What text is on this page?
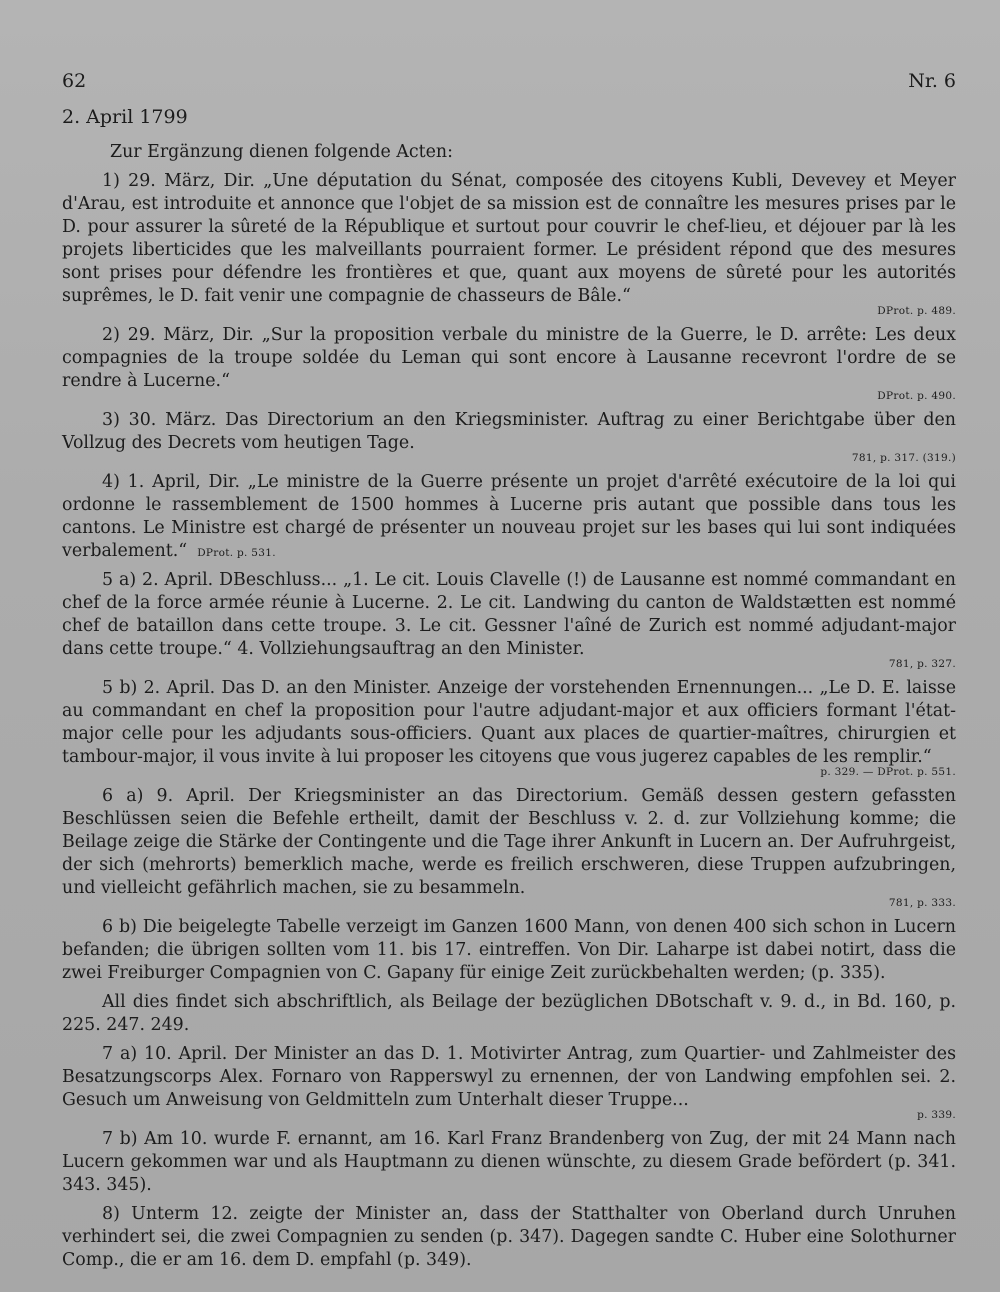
62	Nr. 6
2. April 1799

Zur Ergänzung dienen folgende Acten:

1) 29. März, Dir. „Une députation du Sénat, composée des citoyens Kubli, Devevey et Meyer d'Arau, est introduite et annonce que l'objet de sa mission est de connaître les mesures prises par le D. pour assurer la sûreté de la République et surtout pour couvrir le chef-lieu, et déjouer par là les projets liberticides que les malveillants pourraient former. Le président répond que des mesures sont prises pour défendre les frontières et que, quant aux moyens de sûreté pour les autorités suprêmes, le D. fait venir une compagnie de chasseurs de Bâle.“
DProt. p. 489.

2) 29. März, Dir. „Sur la proposition verbale du ministre de la Guerre, le D. arrête: Les deux compagnies de la troupe soldée du Leman qui sont encore à Lausanne recevront l'ordre de se rendre à Lucerne.“
DProt. p. 490.

3) 30. März. Das Directorium an den Kriegsminister. Auftrag zu einer Berichtgabe über den Vollzug des Decrets vom heutigen Tage.
781, p. 317. (319.)

4) 1. April, Dir. „Le ministre de la Guerre présente un projet d'arrêté exécutoire de la loi qui ordonne le rassemblement de 1500 hommes à Lucerne pris autant que possible dans tous les cantons. Le Ministre est chargé de présenter un nouveau projet sur les bases qui lui sont indiquées verbalement.“ DProt. p. 531.

5 a) 2. April. DBeschluss... „1. Le cit. Louis Clavelle (!) de Lausanne est nommé commandant en chef de la force armée réunie à Lucerne. 2. Le cit. Landwing du canton de Waldstætten est nommé chef de bataillon dans cette troupe. 3. Le cit. Gessner l'aîné de Zurich est nommé adjudant-major dans cette troupe.“ 4. Vollziehungsauftrag an den Minister.
781, p. 327.

5 b) 2. April. Das D. an den Minister. Anzeige der vorstehenden Ernennungen... „Le D. E. laisse au commandant en chef la proposition pour l'autre adjudant-major et aux officiers formant l'état-major celle pour les adjudants sous-officiers. Quant aux places de quartier-maîtres, chirurgien et tambour-major, il vous invite à lui proposer les citoyens que vous jugerez capables de les remplir.“
p. 329. — DProt. p. 551.

6 a) 9. April. Der Kriegsminister an das Directorium. Gemäß dessen gestern gefassten Beschlüssen seien die Befehle ertheilt, damit der Beschluss v. 2. d. zur Vollziehung komme; die Beilage zeige die Stärke der Contingente und die Tage ihrer Ankunft in Lucern an. Der Aufruhrgeist, der sich (mehrorts) bemerklich mache, werde es freilich erschweren, diese Truppen aufzubringen, und vielleicht gefährlich machen, sie zu besammeln.
781, p. 333.

6 b) Die beigelegte Tabelle verzeigt im Ganzen 1600 Mann, von denen 400 sich schon in Lucern befanden; die übrigen sollten vom 11. bis 17. eintreffen. Von Dir. Laharpe ist dabei notirt, dass die zwei Freiburger Compagnien von C. Gapany für einige Zeit zurückbehalten werden; (p. 335).

All dies findet sich abschriftlich, als Beilage der bezüglichen DBotschaft v. 9. d., in Bd. 160, p. 225. 247. 249.

7 a) 10. April. Der Minister an das D. 1. Motivirter Antrag, zum Quartier- und Zahlmeister des Besatzungscorps Alex. Fornaro von Rapperswyl zu ernennen, der von Landwing empfohlen sei. 2. Gesuch um Anweisung von Geldmitteln zum Unterhalt dieser Truppe...
p. 339.

7 b) Am 10. wurde F. ernannt, am 16. Karl Franz Brandenberg von Zug, der mit 24 Mann nach Lucern gekommen war und als Hauptmann zu dienen wünschte, zu diesem Grade befördert (p. 341. 343. 345).

8) Unterm 12. zeigte der Minister an, dass der Statthalter von Oberland durch Unruhen verhindert sei, die zwei Compagnien zu senden (p. 347). Dagegen sandte C. Huber eine Solothurner Comp., die er am 16. dem D. empfahl (p. 349).
